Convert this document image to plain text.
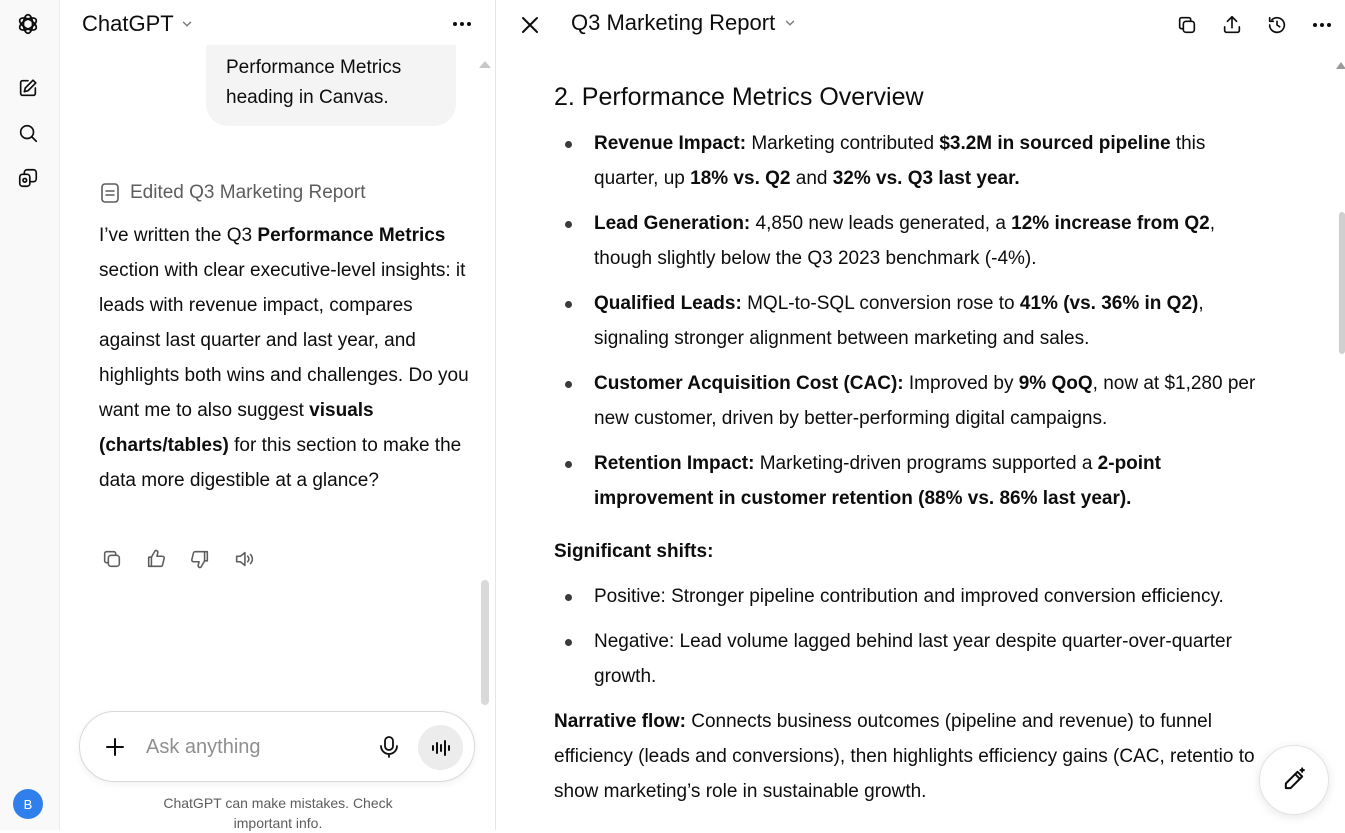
B
ChatGPT
Performance Metrics heading in Canvas.
Edited Q3 Marketing Report
I’ve written the Q3 Performance Metrics section with clear executive-level insights: it leads with revenue impact, compares against last quarter and last year, and highlights both wins and challenges. Do you want me to also suggest visuals (charts/tables) for this section to make the data more digestible at a glance?
Ask anything
ChatGPT can make mistakes. Check important info.
Q3 Marketing Report
2. Performance Metrics Overview
Revenue Impact: Marketing contributed $3.2M in sourced pipeline this quarter, up 18% vs. Q2 and 32% vs. Q3 last year.
Lead Generation: 4,850 new leads generated, a 12% increase from Q2, though slightly below the Q3 2023 benchmark (-4%).
Qualified Leads: MQL-to-SQL conversion rose to 41% (vs. 36% in Q2), signaling stronger alignment between marketing and sales.
Customer Acquisition Cost (CAC): Improved by 9% QoQ, now at $1,280 per new customer, driven by better-performing digital campaigns.
Retention Impact: Marketing-driven programs supported a 2-point improvement in customer retention (88% vs. 86% last year).
Significant shifts:
Positive: Stronger pipeline contribution and improved conversion efficiency.
Negative: Lead volume lagged behind last year despite quarter-over-quarter growth.

Narrative flow: Connects business outcomes (pipeline and revenue) to funnel efficiency (leads and conversions), then highlights efficiency gains (CAC, retentio to show marketing’s role in sustainable growth.
